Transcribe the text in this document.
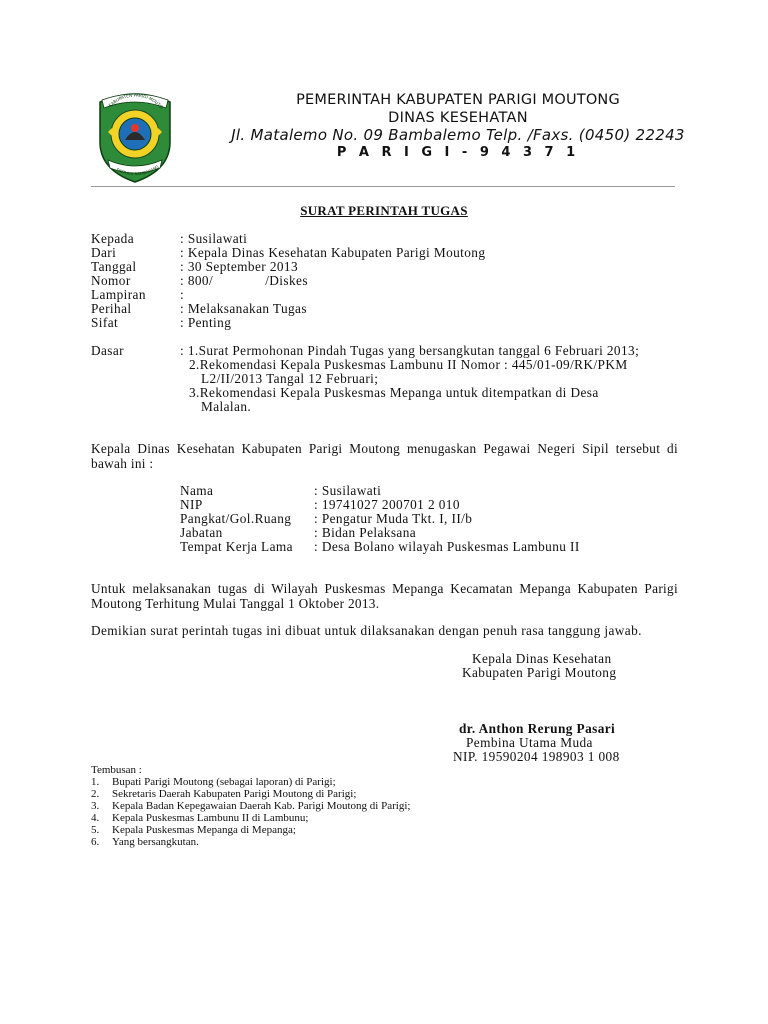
KABUPATEN PARIGI MOUTO
SINTUVU NAMBARANG
PEMERINTAH KABUPATEN PARIGI MOUTONG
DINAS KESEHATAN
Jl. Matalemo No. 09 Bambalemo Telp. /Faxs. (0450) 22243
P A R I G I - 9 4 3 7 1
SURAT PERINTAH TUGAS
Kepada	: Susilawati
Dari	: Kepala Dinas Kesehatan Kabupaten Parigi Moutong
Tanggal	: 30 September 2013
Nomor	: 800/              /Diskes
Lampiran	:
Perihal	: Melaksanakan Tugas
Sifat	: Penting
Dasar	: 1.Surat Permohonan Pindah Tugas yang bersangkutan tanggal 6 Februari 2013;
2.Rekomendasi Kepala Puskesmas Lambunu II Nomor : 445/01-09/RK/PKM
L2/II/2013 Tangal 12 Februari;
3.Rekomendasi Kepala Puskesmas Mepanga untuk ditempatkan di Desa
Malalan.
Kepala Dinas Kesehatan Kabupaten Parigi Moutong menugaskan Pegawai Negeri Sipil tersebut di bawah ini :
Nama	: Susilawati
NIP	: 19741027 200701 2 010
Pangkat/Gol.Ruang : Pengatur Muda Tkt. I, II/b
Jabatan	: Bidan Pelaksana
Tempat Kerja Lama : Desa Bolano wilayah Puskesmas Lambunu II
Untuk melaksanakan tugas di Wilayah Puskesmas Mepanga Kecamatan Mepanga Kabupaten Parigi Moutong Terhitung Mulai Tanggal 1 Oktober 2013.
Demikian surat perintah tugas ini dibuat untuk dilaksanakan dengan penuh rasa tanggung jawab.
Kepala Dinas Kesehatan
Kabupaten Parigi Moutong
dr. Anthon Rerung Pasari
Pembina Utama Muda
NIP. 19590204 198903 1 008
Tembusan :
1. Bupati Parigi Moutong (sebagai laporan) di Parigi;
2. Sekretaris Daerah Kabupaten Parigi Moutong di Parigi;
3. Kepala Badan Kepegawaian Daerah Kab. Parigi Moutong di Parigi;
4. Kepala Puskesmas Lambunu II di Lambunu;
5. Kepala Puskesmas Mepanga di Mepanga;
6. Yang bersangkutan.
